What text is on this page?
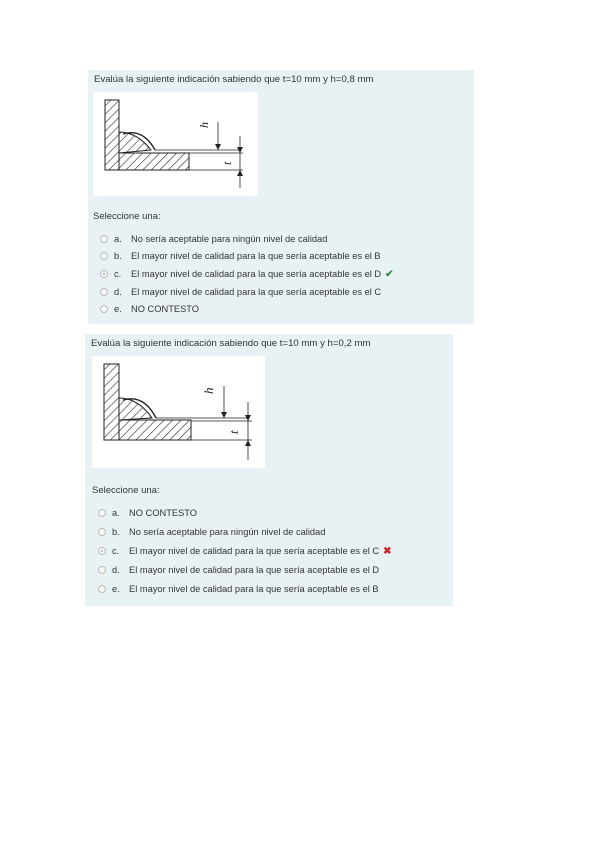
Evalúa la siguiente indicación sabiendo que t=10 mm y h=0,8 mm
h
t
Seleccione una:
a. No sería aceptable para ningún nivel de calidad
b. El mayor nivel de calidad para la que sería aceptable es el B
c.	El mayor nivel de calidad para la que sería aceptable es el D ✔
d. El mayor nivel de calidad para la que sería aceptable es el C
e. NO CONTESTO
Evalúa la siguiente indicación sabiendo que t=10 mm y h=0,2 mm
h
t
Seleccione una:
a. NO CONTESTO
b. No sería aceptable para ningún nivel de calidad
c.	El mayor nivel de calidad para la que sería aceptable es el C ✖
d. El mayor nivel de calidad para la que sería aceptable es el D
e. El mayor nivel de calidad para la que sería aceptable es el B
